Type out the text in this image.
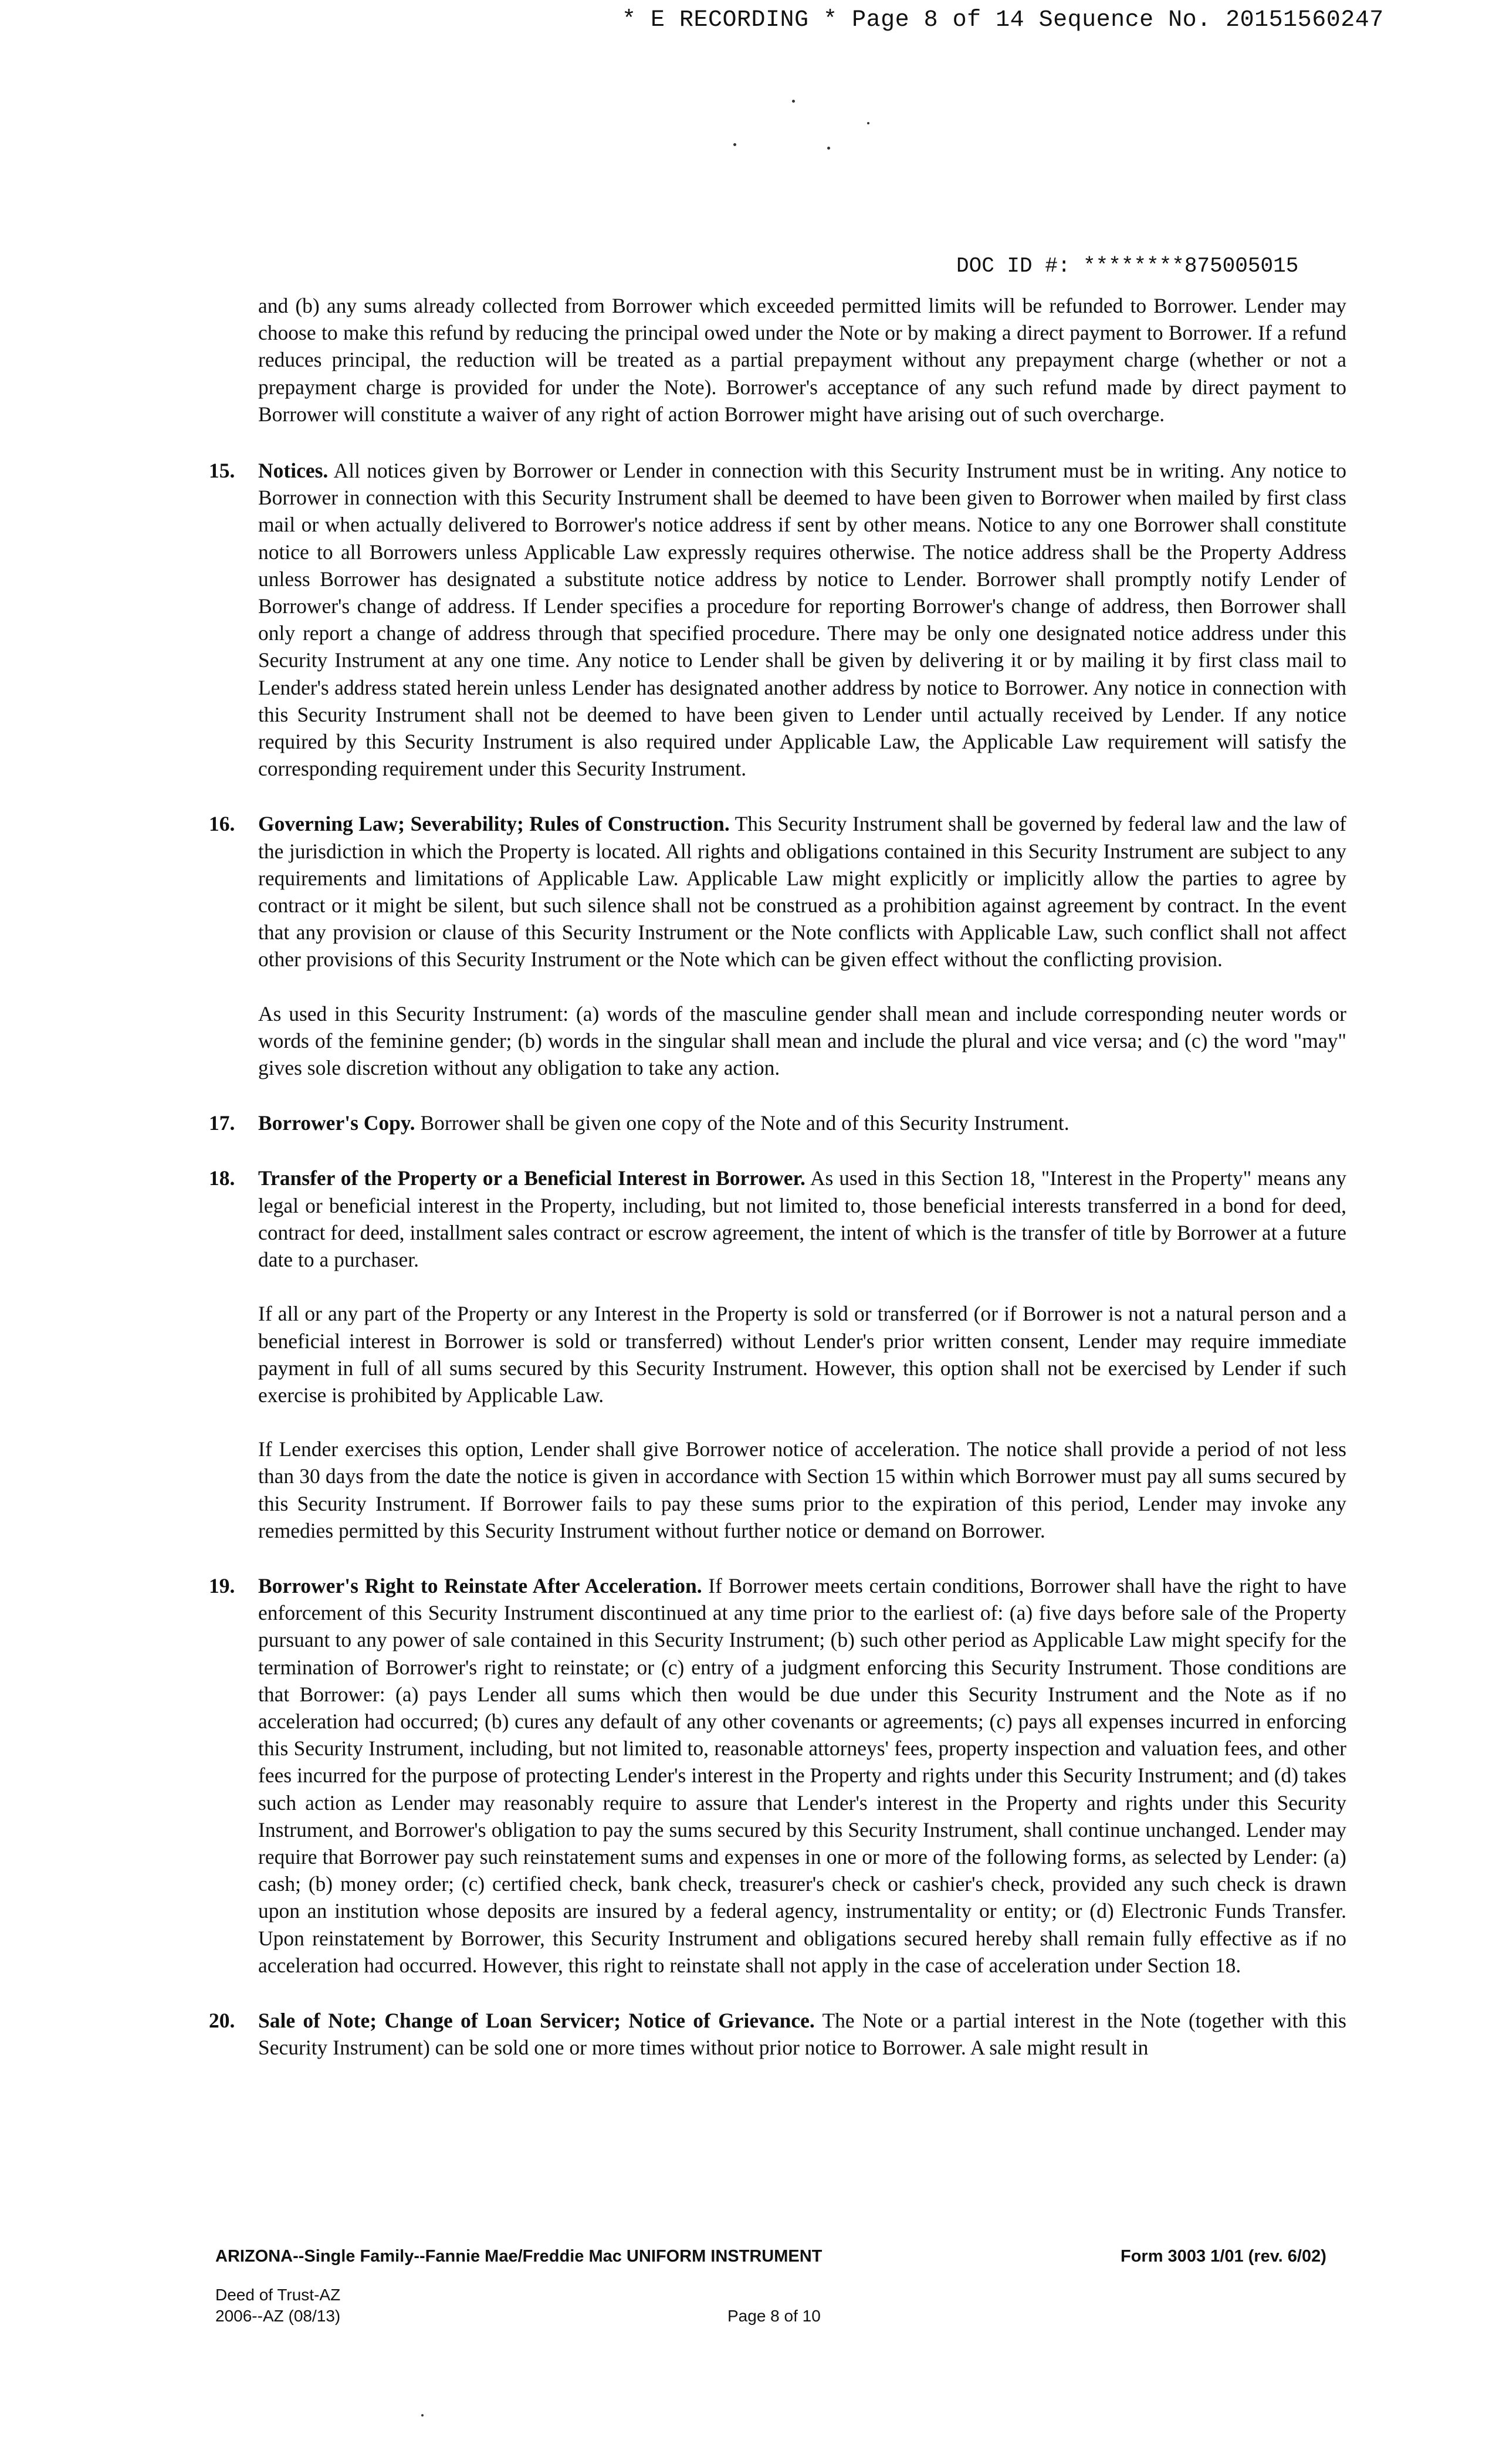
* E RECORDING * Page 8 of 14 Sequence No. 20151560247
DOC ID #: ********875005015
and (b) any sums already collected from Borrower which exceeded permitted limits will be refunded to Borrower. Lender may choose to make this refund by reducing the principal owed under the Note or by making a direct payment to Borrower. If a refund reduces principal, the reduction will be treated as a partial prepayment without any prepayment charge (whether or not a prepayment charge is provided for under the Note). Borrower's acceptance of any such refund made by direct payment to Borrower will constitute a waiver of any right of action Borrower might have arising out of such overcharge.
15. Notices. All notices given by Borrower or Lender in connection with this Security Instrument must be in writing. Any notice to Borrower in connection with this Security Instrument shall be deemed to have been given to Borrower when mailed by first class mail or when actually delivered to Borrower's notice address if sent by other means. Notice to any one Borrower shall constitute notice to all Borrowers unless Applicable Law expressly requires otherwise. The notice address shall be the Property Address unless Borrower has designated a substitute notice address by notice to Lender. Borrower shall promptly notify Lender of Borrower's change of address. If Lender specifies a procedure for reporting Borrower's change of address, then Borrower shall only report a change of address through that specified procedure. There may be only one designated notice address under this Security Instrument at any one time. Any notice to Lender shall be given by delivering it or by mailing it by first class mail to Lender's address stated herein unless Lender has designated another address by notice to Borrower. Any notice in connection with this Security Instrument shall not be deemed to have been given to Lender until actually received by Lender. If any notice required by this Security Instrument is also required under Applicable Law, the Applicable Law requirement will satisfy the corresponding requirement under this Security Instrument.
16. Governing Law; Severability; Rules of Construction. This Security Instrument shall be governed by federal law and the law of the jurisdiction in which the Property is located. All rights and obligations contained in this Security Instrument are subject to any requirements and limitations of Applicable Law. Applicable Law might explicitly or implicitly allow the parties to agree by contract or it might be silent, but such silence shall not be construed as a prohibition against agreement by contract. In the event that any provision or clause of this Security Instrument or the Note conflicts with Applicable Law, such conflict shall not affect other provisions of this Security Instrument or the Note which can be given effect without the conflicting provision.
As used in this Security Instrument: (a) words of the masculine gender shall mean and include corresponding neuter words or words of the feminine gender; (b) words in the singular shall mean and include the plural and vice versa; and (c) the word "may" gives sole discretion without any obligation to take any action.
17. Borrower's Copy. Borrower shall be given one copy of the Note and of this Security Instrument.
18. Transfer of the Property or a Beneficial Interest in Borrower. As used in this Section 18, "Interest in the Property" means any legal or beneficial interest in the Property, including, but not limited to, those beneficial interests transferred in a bond for deed, contract for deed, installment sales contract or escrow agreement, the intent of which is the transfer of title by Borrower at a future date to a purchaser.
If all or any part of the Property or any Interest in the Property is sold or transferred (or if Borrower is not a natural person and a beneficial interest in Borrower is sold or transferred) without Lender's prior written consent, Lender may require immediate payment in full of all sums secured by this Security Instrument. However, this option shall not be exercised by Lender if such exercise is prohibited by Applicable Law.
If Lender exercises this option, Lender shall give Borrower notice of acceleration. The notice shall provide a period of not less than 30 days from the date the notice is given in accordance with Section 15 within which Borrower must pay all sums secured by this Security Instrument. If Borrower fails to pay these sums prior to the expiration of this period, Lender may invoke any remedies permitted by this Security Instrument without further notice or demand on Borrower.
19. Borrower's Right to Reinstate After Acceleration. If Borrower meets certain conditions, Borrower shall have the right to have enforcement of this Security Instrument discontinued at any time prior to the earliest of: (a) five days before sale of the Property pursuant to any power of sale contained in this Security Instrument; (b) such other period as Applicable Law might specify for the termination of Borrower's right to reinstate; or (c) entry of a judgment enforcing this Security Instrument. Those conditions are that Borrower: (a) pays Lender all sums which then would be due under this Security Instrument and the Note as if no acceleration had occurred; (b) cures any default of any other covenants or agreements; (c) pays all expenses incurred in enforcing this Security Instrument, including, but not limited to, reasonable attorneys' fees, property inspection and valuation fees, and other fees incurred for the purpose of protecting Lender's interest in the Property and rights under this Security Instrument; and (d) takes such action as Lender may reasonably require to assure that Lender's interest in the Property and rights under this Security Instrument, and Borrower's obligation to pay the sums secured by this Security Instrument, shall continue unchanged. Lender may require that Borrower pay such reinstatement sums and expenses in one or more of the following forms, as selected by Lender: (a) cash; (b) money order; (c) certified check, bank check, treasurer's check or cashier's check, provided any such check is drawn upon an institution whose deposits are insured by a federal agency, instrumentality or entity; or (d) Electronic Funds Transfer. Upon reinstatement by Borrower, this Security Instrument and obligations secured hereby shall remain fully effective as if no acceleration had occurred. However, this right to reinstate shall not apply in the case of acceleration under Section 18.
20. Sale of Note; Change of Loan Servicer; Notice of Grievance. The Note or a partial interest in the Note (together with this Security Instrument) can be sold one or more times without prior notice to Borrower. A sale might result in
ARIZONA--Single Family--Fannie Mae/Freddie Mac UNIFORM INSTRUMENT	Form 3003 1/01 (rev. 6/02)
Deed of Trust-AZ
2006--AZ (08/13)	Page 8 of 10
